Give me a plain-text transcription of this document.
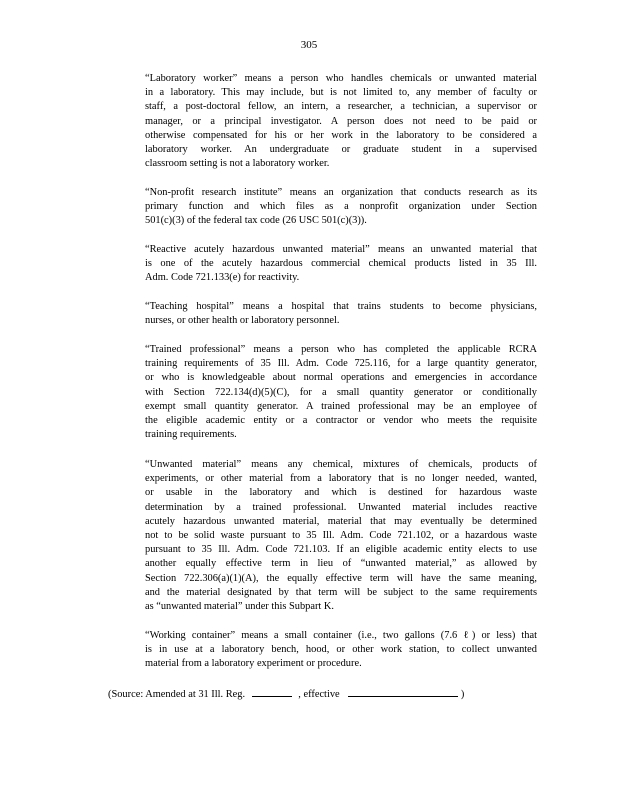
305
“Laboratory worker” means a person who handles chemicals or unwanted material
in a laboratory. This may include, but is not limited to, any member of faculty or
staff, a post-doctoral fellow, an intern, a researcher, a technician, a supervisor or
manager, or a principal investigator. A person does not need to be paid or
otherwise compensated for his or her work in the laboratory to be considered a
laboratory worker. An undergraduate or graduate student in a supervised
classroom setting is not a laboratory worker.
“Non-profit research institute” means an organization that conducts research as its
primary function and which files as a nonprofit organization under Section
501(c)(3) of the federal tax code (26 USC 501(c)(3)).
“Reactive acutely hazardous unwanted material” means an unwanted material that
is one of the acutely hazardous commercial chemical products listed in 35 Ill.
Adm. Code 721.133(e) for reactivity.
“Teaching hospital” means a hospital that trains students to become physicians,
nurses, or other health or laboratory personnel.
“Trained professional” means a person who has completed the applicable RCRA
training requirements of 35 Ill. Adm. Code 725.116, for a large quantity generator,
or who is knowledgeable about normal operations and emergencies in accordance
with Section 722.134(d)(5)(C), for a small quantity generator or conditionally
exempt small quantity generator. A trained professional may be an employee of
the eligible academic entity or a contractor or vendor who meets the requisite
training requirements.
“Unwanted material” means any chemical, mixtures of chemicals, products of
experiments, or other material from a laboratory that is no longer needed, wanted,
or usable in the laboratory and which is destined for hazardous waste
determination by a trained professional. Unwanted material includes reactive
acutely hazardous unwanted material, material that may eventually be determined
not to be solid waste pursuant to 35 Ill. Adm. Code 721.102, or a hazardous waste
pursuant to 35 Ill. Adm. Code 721.103. If an eligible academic entity elects to use
another equally effective term in lieu of “unwanted material,” as allowed by
Section 722.306(a)(1)(A), the equally effective term will have the same meaning,
and the material designated by that term will be subject to the same requirements
as “unwanted material” under this Subpart K.
“Working container” means a small container (i.e., two gallons (7.6 ℓ) or less) that
is in use at a laboratory bench, hood, or other work station, to collect unwanted
material from a laboratory experiment or procedure.
(Source: Amended at 31 Ill. Reg.	, effective	)
